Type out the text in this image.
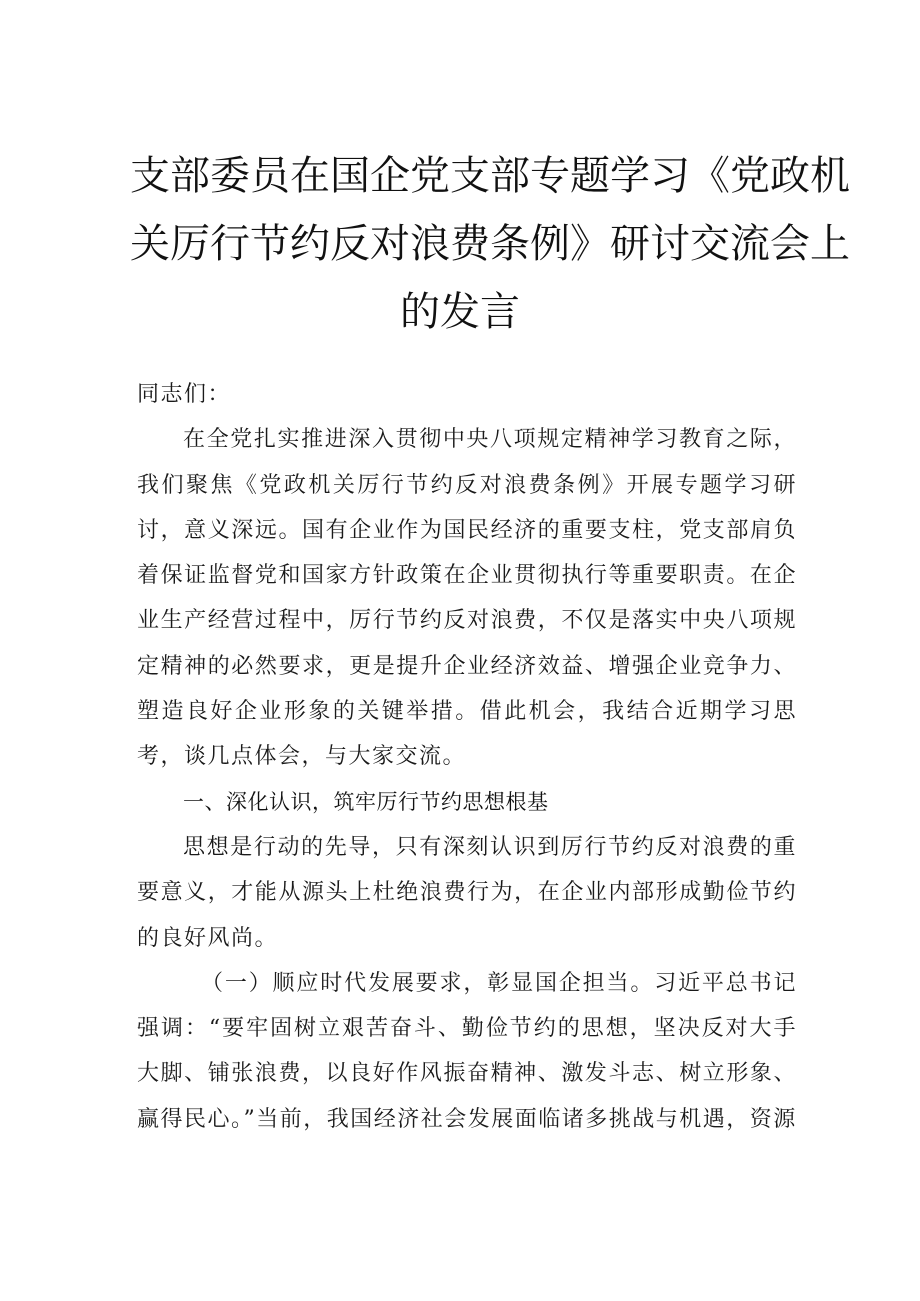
支部委员在国企党支部专题学习《党政机
关厉行节约反对浪费条例》研讨交流会上
的发言

同志们：

在全党扎实推进深入贯彻中央八项规定精神学习教育之际，我们聚焦《党政机关厉行节约反对浪费条例》开展专题学习研讨，意义深远。国有企业作为国民经济的重要支柱，党支部肩负着保证监督党和国家方针政策在企业贯彻执行等重要职责。在企业生产经营过程中，厉行节约反对浪费，不仅是落实中央八项规定精神的必然要求，更是提升企业经济效益、增强企业竞争力、塑造良好企业形象的关键举措。借此机会，我结合近期学习思考，谈几点体会，与大家交流。

一、深化认识，筑牢厉行节约思想根基

思想是行动的先导，只有深刻认识到厉行节约反对浪费的重要意义，才能从源头上杜绝浪费行为，在企业内部形成勤俭节约的良好风尚。

（一）顺应时代发展要求，彰显国企担当。习近平总书记强调：“要牢固树立艰苦奋斗、勤俭节约的思想，坚决反对大手大脚、铺张浪费，以良好作风振奋精神、激发斗志、树立形象、赢得民心。”当前，我国经济社会发展面临诸多挑战与机遇，资源
